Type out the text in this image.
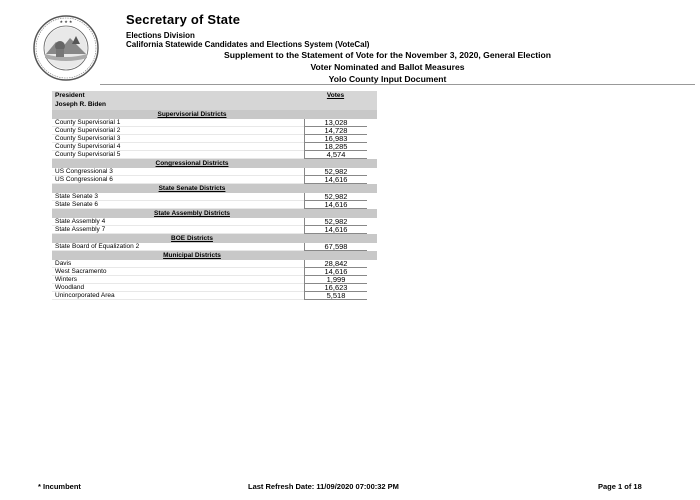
★ ★ ★	Secretary of State
Elections Division
California Statewide Candidates and Elections System (VoteCal)
Supplement to the Statement of Vote for the November 3, 2020, General Election
Voter Nominated and Ballot Measures
Yolo County Input Document
President	Votes
Joseph R. Biden
Supervisorial Districts
County Supervisorial 1	13,028
County Supervisorial 2	14,728
County Supervisorial 3	16,983
County Supervisorial 4	18,285
County Supervisorial 5	4,574
Congressional Districts
US Congressional 3	52,982
US Congressional 6	14,616
State Senate Districts
State Senate 3	52,982
State Senate 6	14,616
State Assembly Districts
State Assembly 4	52,982
State Assembly 7	14,616
BOE Districts
State Board of Equalization 2	67,598
Municipal Districts
Davis	28,842
West Sacramento	14,616
Winters	1,999
Woodland	16,623
Unincorporated Area	5,518
* Incumbent	Last Refresh Date: 11/09/2020 07:00:32 PM	Page 1 of 18
